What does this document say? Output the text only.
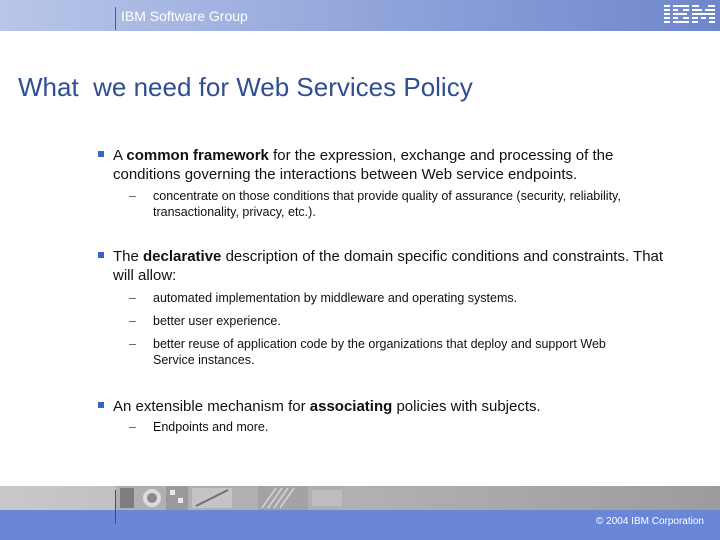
IBM Software Group
IBM
What  we need for Web Services Policy
A common framework for the expression, exchange and processing of the conditions governing the interactions between Web service endpoints.
– concentrate on those conditions that provide quality of assurance (security, reliability, transactionality, privacy, etc.).
The declarative description of the domain specific conditions and constraints. That will allow:
– automated implementation by middleware and operating systems.
– better user experience.
– better reuse of application code by the organizations that deploy and support Web Service instances.
An extensible mechanism for associating policies with subjects.
– Endpoints and more.
© 2004 IBM Corporation
